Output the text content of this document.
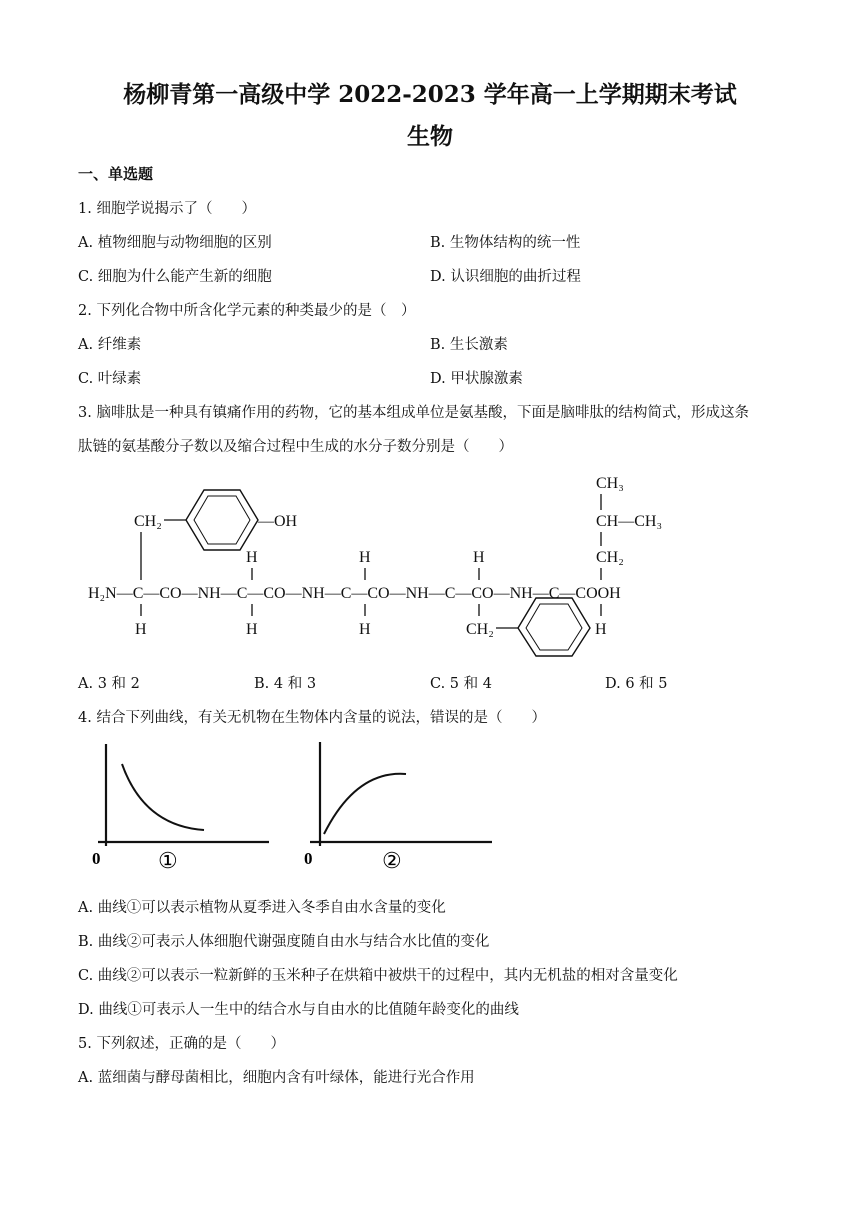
杨柳青第一高级中学 2022-2023 学年高一上学期期末考试
生物
一、单选题
1. 细胞学说揭示了（　　）
A. 植物细胞与动物细胞的区别	B. 生物体结构的统一性
C. 细胞为什么能产生新的细胞	D. 认识细胞的曲折过程
2. 下列化合物中所含化学元素的种类最少的是（　）
A. 纤维素	B. 生长激素
C. 叶绿素	D. 甲状腺激素
3. 脑啡肽是一种具有镇痛作用的药物，它的基本组成单位是氨基酸，下面是脑啡肽的结构简式，形成这条
肽链的氨基酸分子数以及缩合过程中生成的水分子数分别是（　　）
CH₃
CH—CH₃
CH₂
CH₂	—OH
H	H	H
H₂N—C—CO—NH—C—CO—NH—C—CO—NH—C—CO—NH—C—COOH
H	H	H	CH₂	H
A. 3 和 2	B. 4 和 3	C. 5 和 4	D. 6 和 5
4. 结合下列曲线，有关无机物在生物体内含量的说法，错误的是（　　）
0	①	0	②
A. 曲线①可以表示植物从夏季进入冬季自由水含量的变化
B. 曲线②可表示人体细胞代谢强度随自由水与结合水比值的变化
C. 曲线②可以表示一粒新鲜的玉米种子在烘箱中被烘干的过程中，其内无机盐的相对含量变化
D. 曲线①可表示人一生中的结合水与自由水的比值随年龄变化的曲线
5. 下列叙述，正确的是（　　）
A. 蓝细菌与酵母菌相比，细胞内含有叶绿体，能进行光合作用
